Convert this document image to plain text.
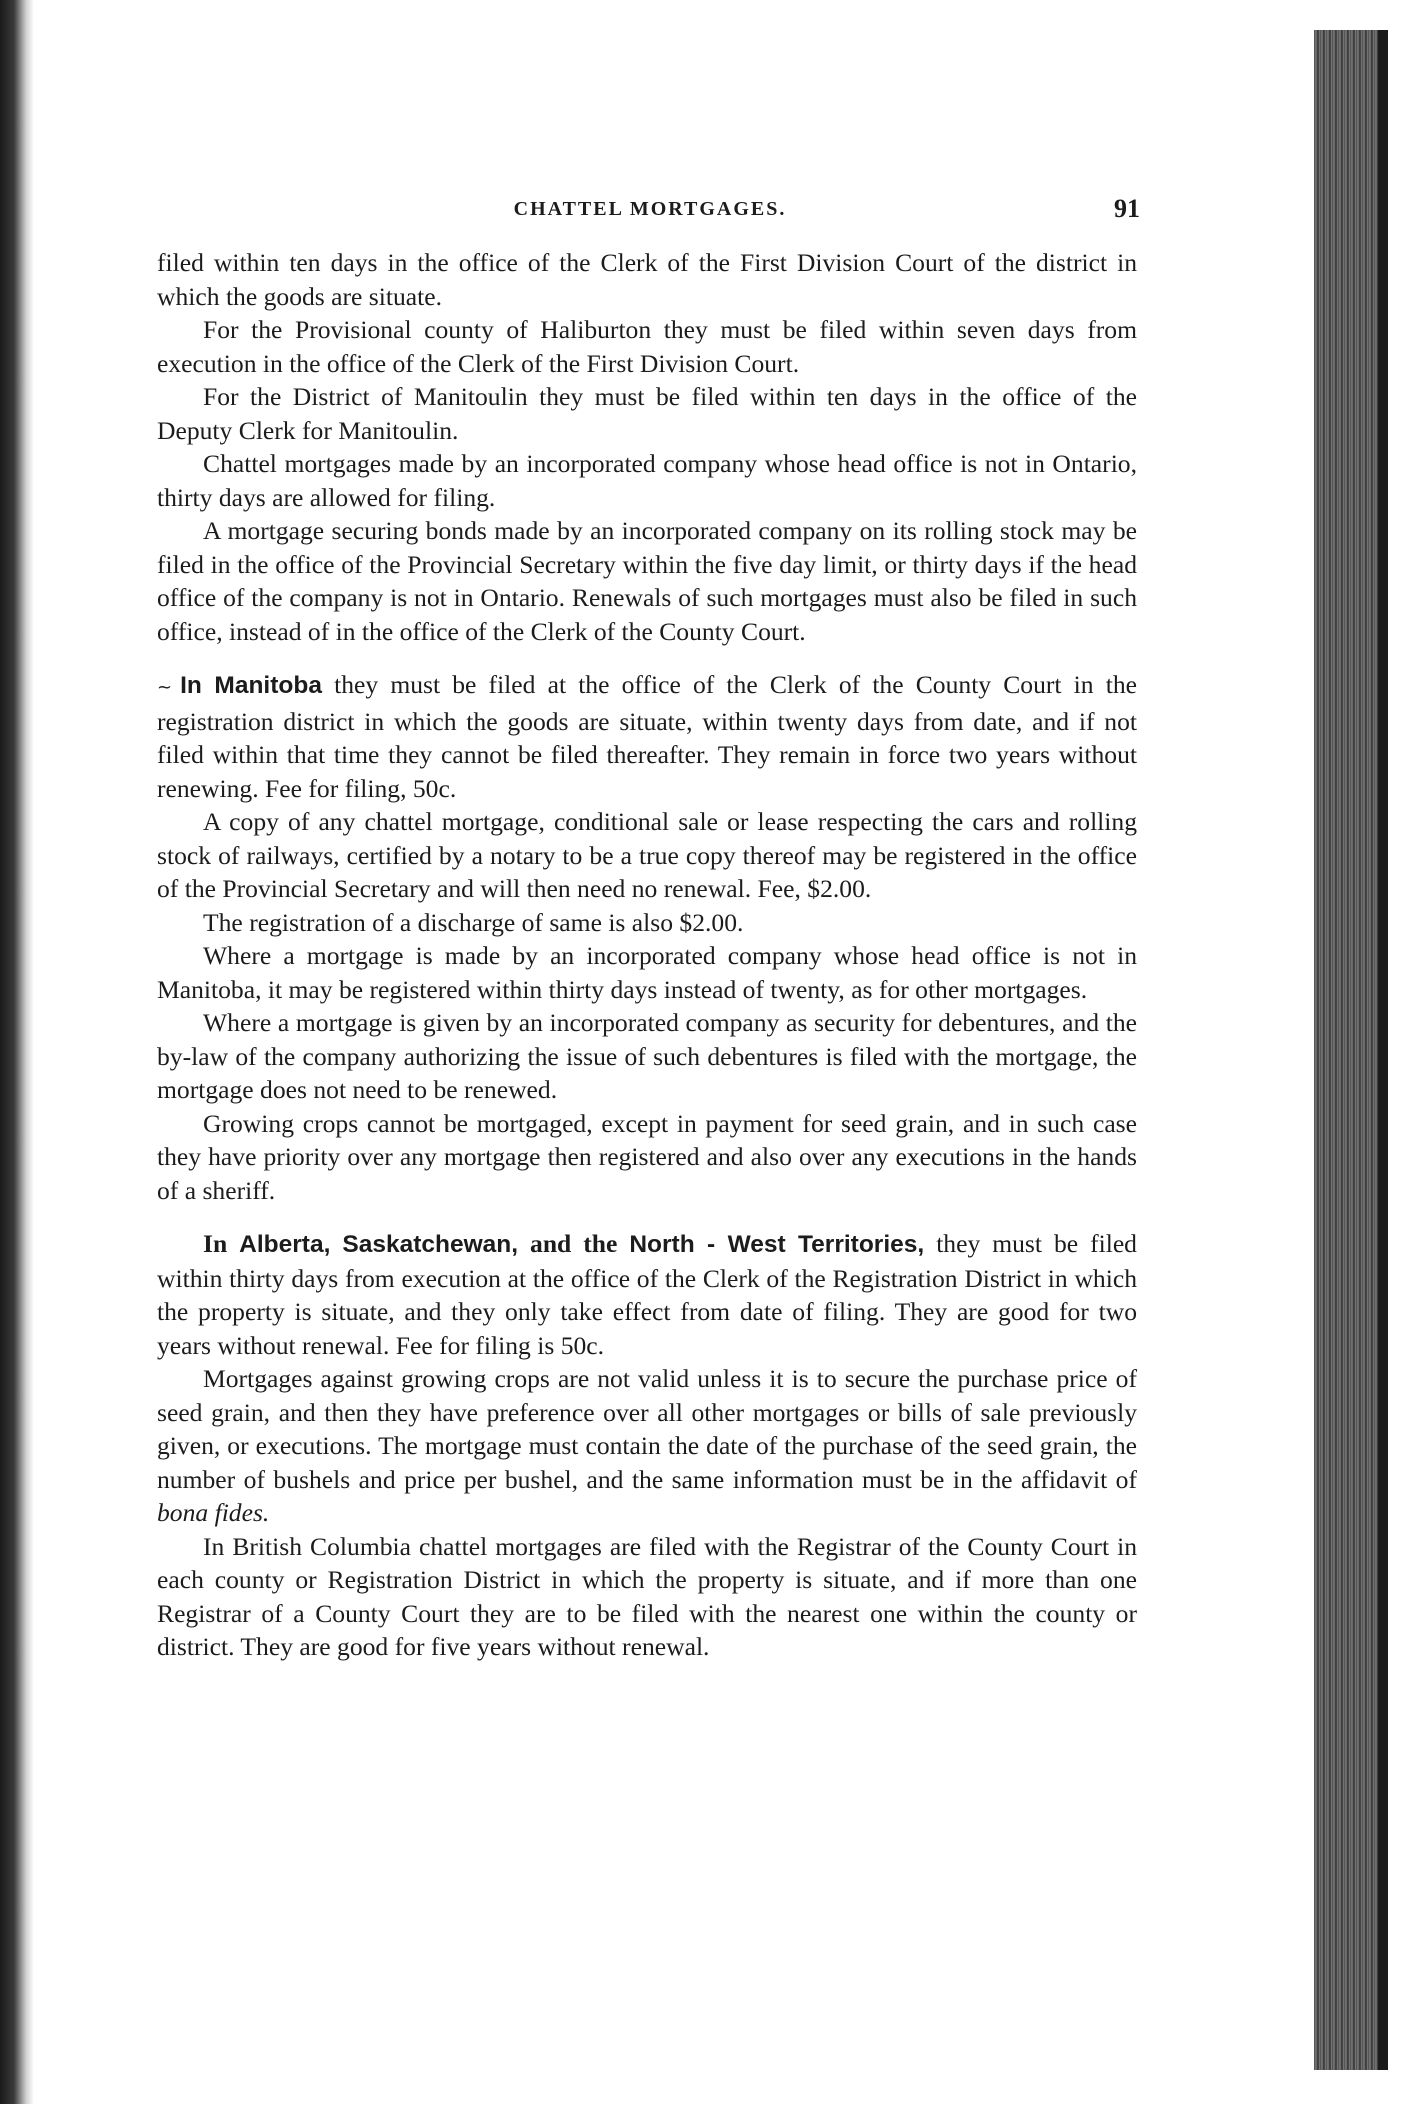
CHATTEL MORTGAGES.	91

filed within ten days in the office of the Clerk of the First Division Court of the district in which the goods are situate.

For the Provisional county of Haliburton they must be filed within seven days from execution in the office of the Clerk of the First Division Court.

For the District of Manitoulin they must be filed within ten days in the office of the Deputy Clerk for Manitoulin.

Chattel mortgages made by an incorporated company whose head office is not in Ontario, thirty days are allowed for filing.

A mortgage securing bonds made by an incorporated company on its rolling stock may be filed in the office of the Provincial Secretary within the five day limit, or thirty days if the head office of the company is not in Ontario. Renewals of such mortgages must also be filed in such office, instead of in the office of the Clerk of the County Court.

~ In Manitoba they must be filed at the office of the Clerk of the County Court in the registration district in which the goods are situate, within twenty days from date, and if not filed within that time they cannot be filed thereafter. They remain in force two years without renewing. Fee for filing, 50c.

A copy of any chattel mortgage, conditional sale or lease respecting the cars and rolling stock of railways, certified by a notary to be a true copy thereof may be registered in the office of the Provincial Secretary and will then need no renewal. Fee, $2.00.

The registration of a discharge of same is also $2.00.

Where a mortgage is made by an incorporated company whose head office is not in Manitoba, it may be registered within thirty days instead of twenty, as for other mortgages.

Where a mortgage is given by an incorporated company as security for debentures, and the by-law of the company authorizing the issue of such debentures is filed with the mortgage, the mortgage does not need to be renewed.

Growing crops cannot be mortgaged, except in payment for seed grain, and in such case they have priority over any mortgage then registered and also over any executions in the hands of a sheriff.

In Alberta, Saskatchewan, and the North - West Territories, they must be filed within thirty days from execution at the office of the Clerk of the Registration District in which the property is situate, and they only take effect from date of filing. They are good for two years without renewal. Fee for filing is 50c.

Mortgages against growing crops are not valid unless it is to secure the purchase price of seed grain, and then they have preference over all other mortgages or bills of sale previously given, or executions. The mortgage must contain the date of the purchase of the seed grain, the number of bushels and price per bushel, and the same information must be in the affidavit of bona fides.

In British Columbia chattel mortgages are filed with the Registrar of the County Court in each county or Registration District in which the property is situate, and if more than one Registrar of a County Court they are to be filed with the nearest one within the county or district. They are good for five years without renewal.
